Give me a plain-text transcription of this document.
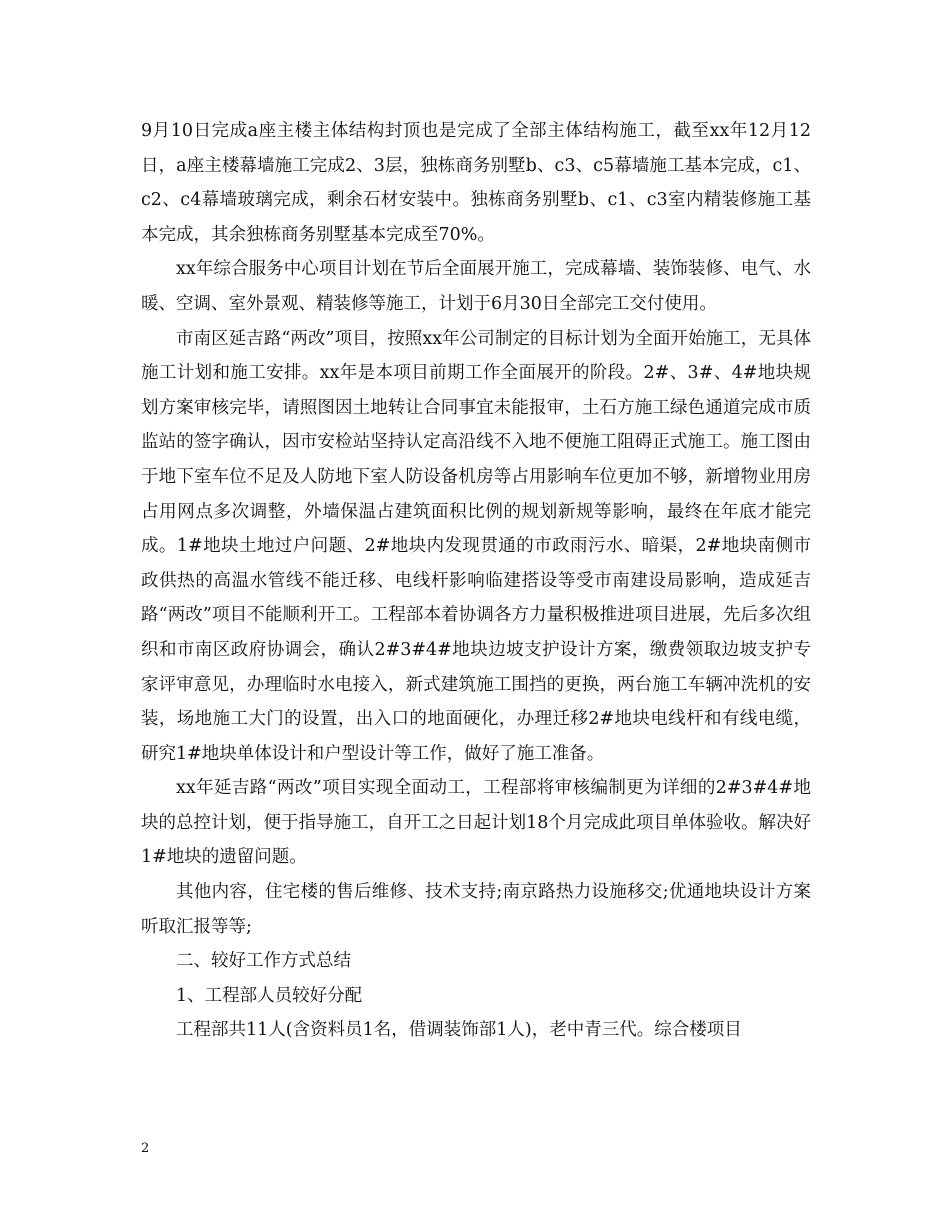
9月10日完成a座主楼主体结构封顶也是完成了全部主体结构施工，截至xx年12月12日，a座主楼幕墙施工完成2、3层，独栋商务别墅b、c3、c5幕墙施工基本完成，c1、c2、c4幕墙玻璃完成，剩余石材安装中。独栋商务别墅b、c1、c3室内精装修施工基本完成，其余独栋商务别墅基本完成至70%。

xx年综合服务中心项目计划在节后全面展开施工，完成幕墙、装饰装修、电气、水暖、空调、室外景观、精装修等施工，计划于6月30日全部完工交付使用。

市南区延吉路“两改”项目，按照xx年公司制定的目标计划为全面开始施工，无具体施工计划和施工安排。xx年是本项目前期工作全面展开的阶段。2#、3#、4#地块规划方案审核完毕，请照图因土地转让合同事宜未能报审，土石方施工绿色通道完成市质监站的签字确认，因市安检站坚持认定高沿线不入地不便施工阻碍正式施工。施工图由于地下室车位不足及人防地下室人防设备机房等占用影响车位更加不够，新增物业用房占用网点多次调整，外墙保温占建筑面积比例的规划新规等影响，最终在年底才能完成。1#地块土地过户问题、2#地块内发现贯通的市政雨污水、暗渠，2#地块南侧市政供热的高温水管线不能迁移、电线杆影响临建搭设等受市南建设局影响，造成延吉路“两改”项目不能顺利开工。工程部本着协调各方力量积极推进项目进展，先后多次组织和市南区政府协调会，确认2#3#4#地块边坡支护设计方案，缴费领取边坡支护专家评审意见，办理临时水电接入，新式建筑施工围挡的更换，两台施工车辆冲洗机的安装，场地施工大门的设置，出入口的地面硬化，办理迁移2#地块电线杆和有线电缆，研究1#地块单体设计和户型设计等工作，做好了施工准备。

xx年延吉路“两改”项目实现全面动工，工程部将审核编制更为详细的2#3#4#地块的总控计划，便于指导施工，自开工之日起计划18个月完成此项目单体验收。解决好1#地块的遗留问题。

其他内容，住宅楼的售后维修、技术支持;南京路热力设施移交;优通地块设计方案听取汇报等等;

二、较好工作方式总结

1、工程部人员较好分配

工程部共11人(含资料员1名，借调装饰部1人)，老中青三代。综合楼项目

2
